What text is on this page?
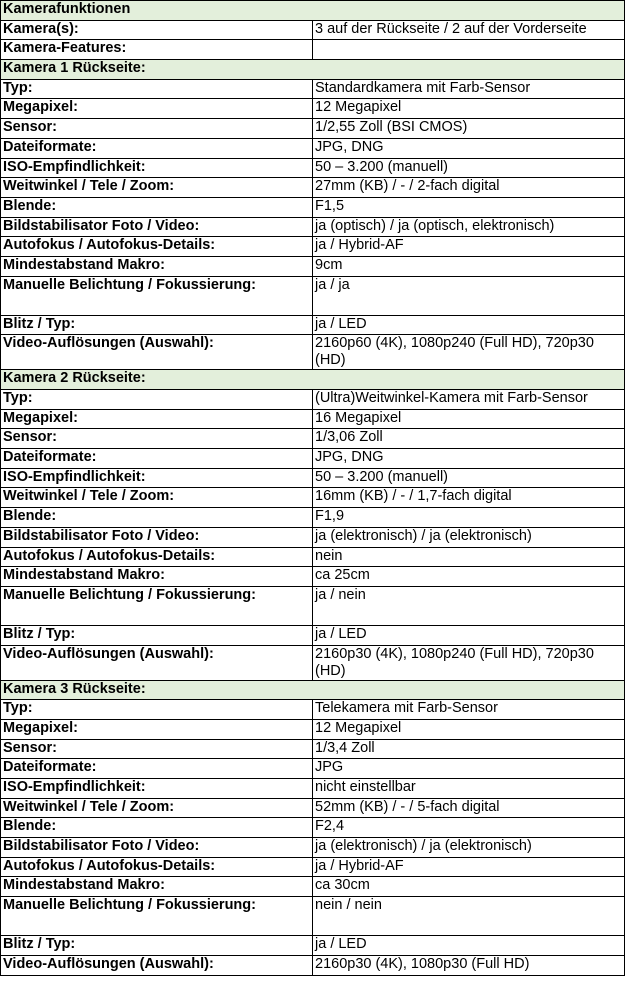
Kamerafunktionen	
Kamera(s):	3 auf der Rückseite / 2 auf der Vorderseite
Kamera-Features:	
Kamera 1 Rückseite:	
Typ:	Standardkamera mit Farb-Sensor
Megapixel:	12 Megapixel
Sensor:	1/2,55 Zoll (BSI CMOS)
Dateiformate:	JPG, DNG
ISO-Empfindlichkeit:	50 – 3.200 (manuell)
Weitwinkel / Tele / Zoom:	27mm (KB) / - / 2-fach digital
Blende:	F1,5
Bildstabilisator Foto / Video:	ja (optisch) / ja (optisch, elektronisch)
Autofokus / Autofokus-Details:	ja / Hybrid-AF
Mindestabstand Makro:	9cm
Manuelle Belichtung / Fokussierung:	ja / ja
Blitz / Typ:	ja / LED
Video-Auflösungen (Auswahl):	2160p60 (4K), 1080p240 (Full HD), 720p30 (HD)
Kamera 2 Rückseite:	
Typ:	(Ultra)Weitwinkel-Kamera mit Farb-Sensor
Megapixel:	16 Megapixel
Sensor:	1/3,06 Zoll
Dateiformate:	JPG, DNG
ISO-Empfindlichkeit:	50 – 3.200 (manuell)
Weitwinkel / Tele / Zoom:	16mm (KB) / - / 1,7-fach digital
Blende:	F1,9
Bildstabilisator Foto / Video:	ja (elektronisch) / ja (elektronisch)
Autofokus / Autofokus-Details:	nein
Mindestabstand Makro:	ca 25cm
Manuelle Belichtung / Fokussierung:	ja / nein
Blitz / Typ:	ja / LED
Video-Auflösungen (Auswahl):	2160p30 (4K), 1080p240 (Full HD), 720p30 (HD)
Kamera 3 Rückseite:	
Typ:	Telekamera mit Farb-Sensor
Megapixel:	12 Megapixel
Sensor:	1/3,4 Zoll
Dateiformate:	JPG
ISO-Empfindlichkeit:	nicht einstellbar
Weitwinkel / Tele / Zoom:	52mm (KB) / - / 5-fach digital
Blende:	F2,4
Bildstabilisator Foto / Video:	ja (elektronisch) / ja (elektronisch)
Autofokus / Autofokus-Details:	ja / Hybrid-AF
Mindestabstand Makro:	ca 30cm
Manuelle Belichtung / Fokussierung:	nein / nein
Blitz / Typ:	ja / LED
Video-Auflösungen (Auswahl):	2160p30 (4K), 1080p30 (Full HD)
